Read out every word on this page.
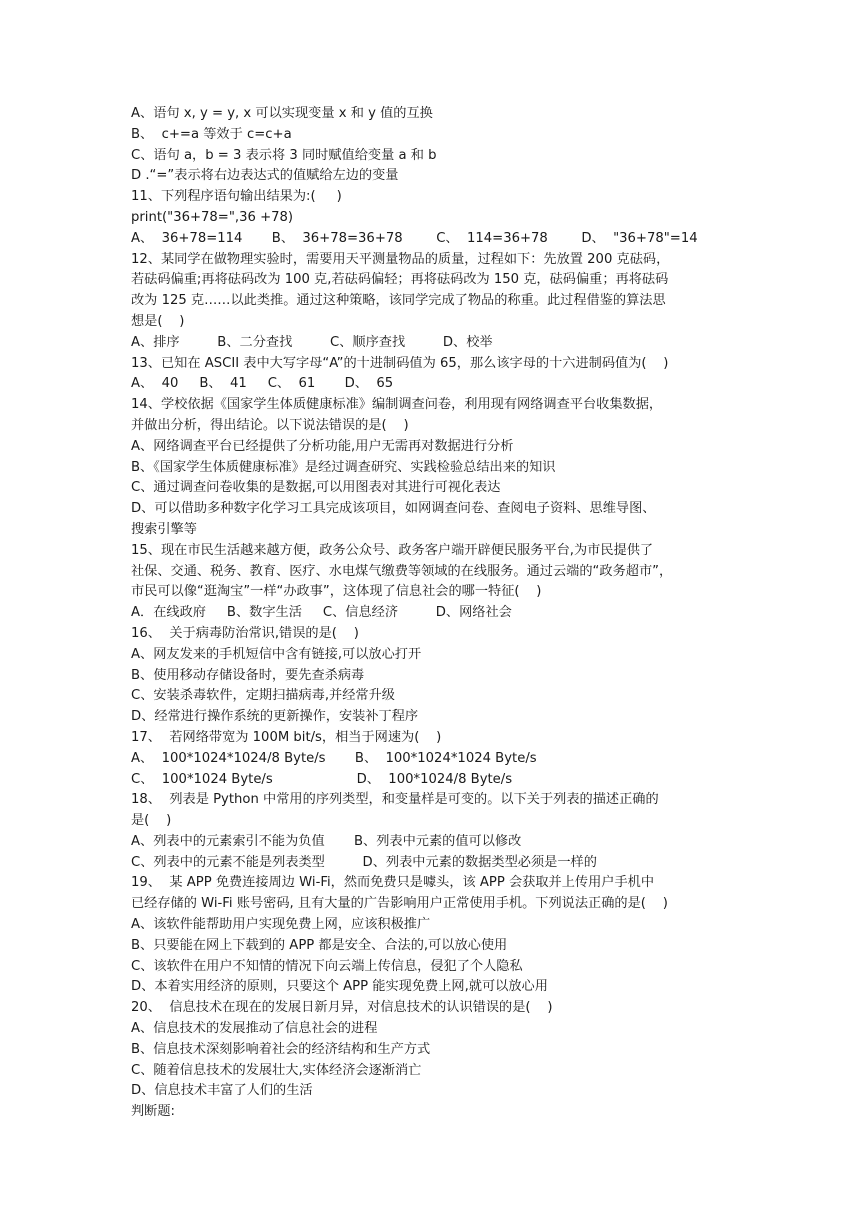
A、语句 x, y = y, x 可以实现变量 x 和 y 值的互换
B、  c+=a 等效于 c=c+a
C、语句 a，b = 3 表示将 3 同时赋值给变量 a 和 b
D .“=”表示将右边表达式的值赋给左边的变量
11、下列程序语句输出结果为:(     )
print("36+78=",36 +78)
A、  36+78=114       B、  36+78=36+78        C、  114=36+78        D、  "36+78"=14
12、某同学在做物理实验时，需要用天平测量物品的质量，过程如下：先放置 200 克砝码，
若砝码偏重;再将砝码改为 100 克,若砝码偏轻；再将砝码改为 150 克，砝码偏重；再将砝码
改为 125 克……以此类推。通过这种策略，该同学完成了物品的称重。此过程借鉴的算法思
想是(    )
A、排序         B、二分查找         C、顺序查找         D、校举
13、已知在 ASCII 表中大写字母“A”的十进制码值为 65，那么该字母的十六进制码值为(    )
A、  40     B、  41     C、  61       D、  65
14、学校依据《国家学生体质健康标准》编制调查问卷，利用现有网络调查平台收集数据，
并做出分析，得出结论。以下说法错误的是(    )
A、网络调查平台已经提供了分析功能,用户无需再对数据进行分析
B、《国家学生体质健康标准》是经过调查研究、实践检验总结出来的知识
C、通过调查问卷收集的是数据,可以用图表对其进行可视化表达
D、可以借助多种数字化学习工具完成该项目，如网调查问卷、查阅电子资料、思维导图、
搜索引擎等
15、现在市民生活越来越方便，政务公众号、政务客户端开辟便民服务平台,为市民提供了
社保、交通、税务、教育、医疗、水电煤气缴费等领域的在线服务。通过云端的“政务超市”，
市民可以像“逛淘宝”一样“办政事”，这体现了信息社会的哪一特征(    )
A．在线政府     B、数字生活     C、信息经济         D、网络社会
16、  关于病毒防治常识,错误的是(    )
A、网友发来的手机短信中含有链接,可以放心打开
B、使用移动存储设备时，要先查杀病毒
C、安装杀毒软件，定期扫描病毒,并经常升级
D、经常进行操作系统的更新操作，安装补丁程序
17、  若网络带宽为 100M bit/s，相当于网速为(    )
A、  100*1024*1024/8 Byte/s       B、  100*1024*1024 Byte/s
C、  100*1024 Byte/s                    D、  100*1024/8 Byte/s
18、  列表是 Python 中常用的序列类型，和变量样是可变的。以下关于列表的描述正确的
是(    )
A、列表中的元素索引不能为负值       B、列表中元素的值可以修改
C、列表中的元素不能是列表类型         D、列表中元素的数据类型必须是一样的
19、  某 APP 免费连接周边 Wi-Fi，然而免费只是噱头，该 APP 会获取并上传用户手机中
已经存储的 Wi-Fi 账号密码, 且有大量的广告影响用户正常使用手机。下列说法正确的是(    )
A、该软件能帮助用户实现免费上网，应该积极推广
B、只要能在网上下载到的 APP 都是安全、合法的,可以放心使用
C、该软件在用户不知情的情况下向云端上传信息，侵犯了个人隐私
D、本着实用经济的原则，只要这个 APP 能实现免费上网,就可以放心用
20、  信息技术在现在的发展日新月异，对信息技术的认识错误的是(    )
A、信息技术的发展推动了信息社会的进程
B、信息技术深刻影响着社会的经济结构和生产方式
C、随着信息技术的发展壮大,实体经济会逐渐消亡
D、信息技术丰富了人们的生活
判断题:
